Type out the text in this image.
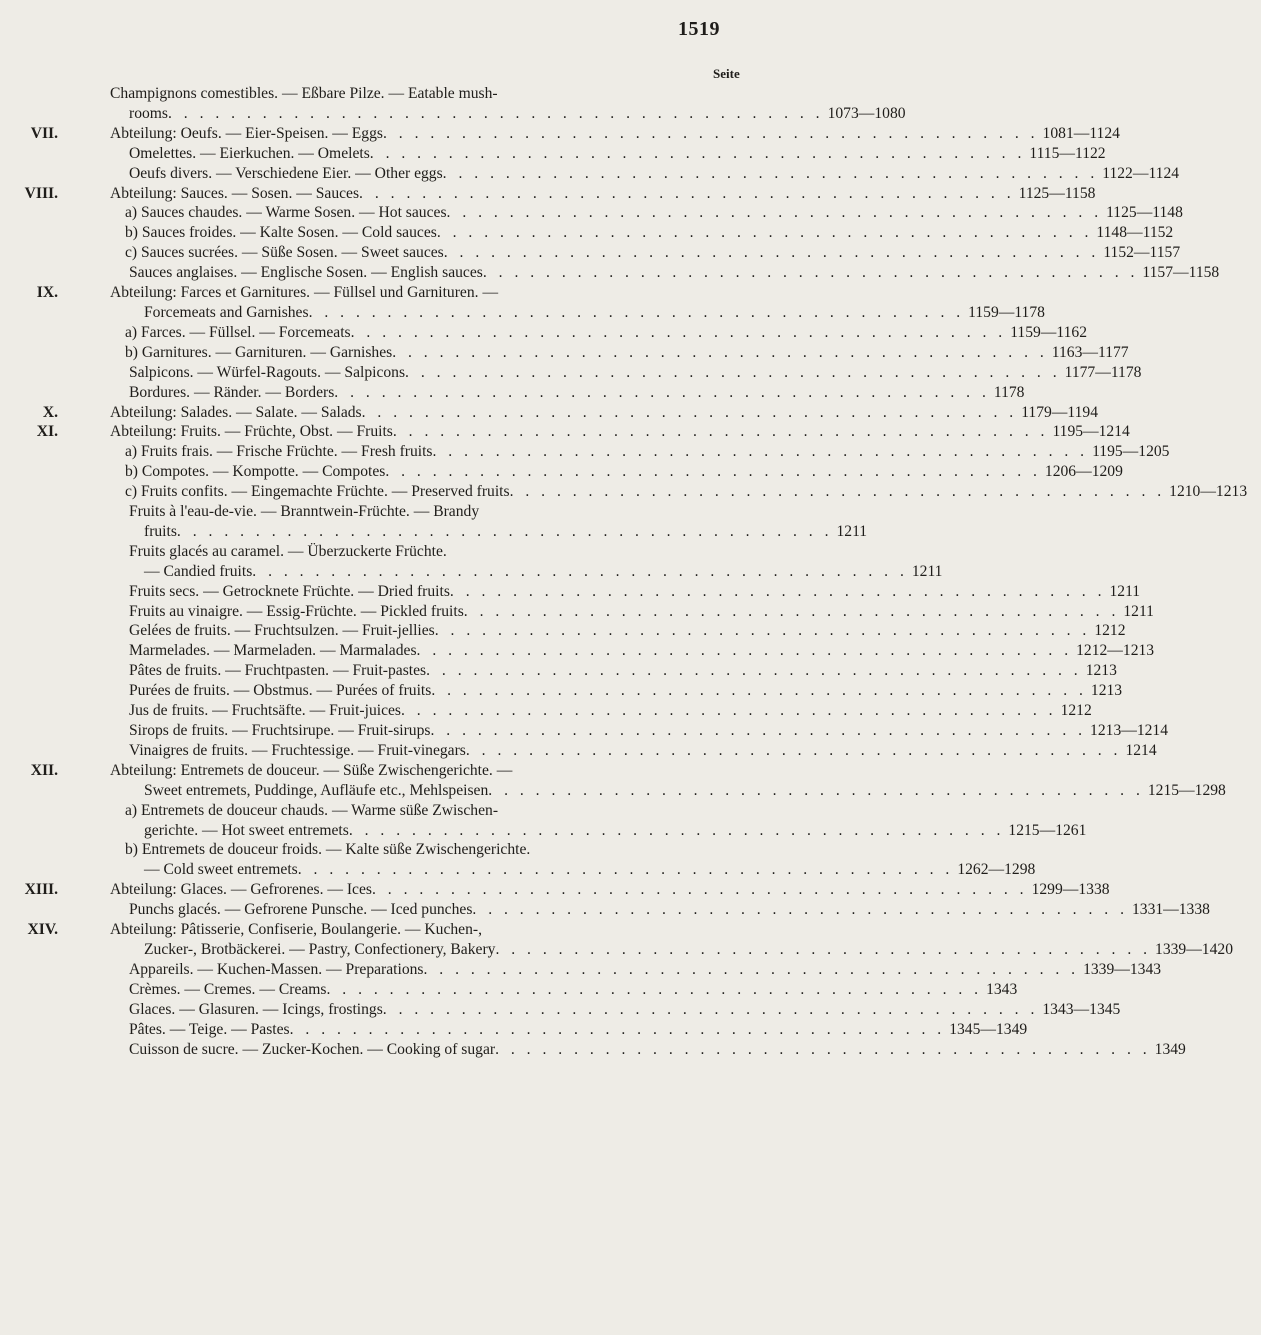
1519
Seite
Champignons comestibles. — Eßbare Pilze. — Eatable mush-
rooms . . . . . . . . . . . . . . . . . . . . . . . . . . . . . . . . . . . . . . . . . . 1073—1080
VII.	Abteilung: Oeufs. — Eier-Speisen. — Eggs . . . . . . . . . . . . . . . . . . . . . . . . . . . . . . . . . . . . . . . . . . 1081—1124
Omelettes. — Eierkuchen. — Omelets . . . . . . . . . . . . . . . . . . . . . . . . . . . . . . . . . . . . . . . . . . 1115—1122
Oeufs divers. — Verschiedene Eier. — Other eggs . . . . . . . . . . . . . . . . . . . . . . . . . . . . . . . . . . . . . . . . . . 1122—1124
VIII.	Abteilung: Sauces. — Sosen. — Sauces . . . . . . . . . . . . . . . . . . . . . . . . . . . . . . . . . . . . . . . . . . 1125—1158
a) Sauces chaudes. — Warme Sosen. — Hot sauces . . . . . . . . . . . . . . . . . . . . . . . . . . . . . . . . . . . . . . . . . . 1125—1148
b) Sauces froides. — Kalte Sosen. — Cold sauces . . . . . . . . . . . . . . . . . . . . . . . . . . . . . . . . . . . . . . . . . . 1148—1152
c) Sauces sucrées. — Süße Sosen. — Sweet sauces . . . . . . . . . . . . . . . . . . . . . . . . . . . . . . . . . . . . . . . . . . 1152—1157
Sauces anglaises. — Englische Sosen. — English sauces . . . . . . . . . . . . . . . . . . . . . . . . . . . . . . . . . . . . . . . . . . 1157—1158
IX.	Abteilung: Farces et Garnitures. — Füllsel und Garnituren. —
Forcemeats and Garnishes . . . . . . . . . . . . . . . . . . . . . . . . . . . . . . . . . . . . . . . . . . 1159—1178
a) Farces. — Füllsel. — Forcemeats . . . . . . . . . . . . . . . . . . . . . . . . . . . . . . . . . . . . . . . . . . 1159—1162
b) Garnitures. — Garnituren. — Garnishes . . . . . . . . . . . . . . . . . . . . . . . . . . . . . . . . . . . . . . . . . . 1163—1177
Salpicons. — Würfel-Ragouts. — Salpicons . . . . . . . . . . . . . . . . . . . . . . . . . . . . . . . . . . . . . . . . . . 1177—1178
Bordures. — Ränder. — Borders . . . . . . . . . . . . . . . . . . . . . . . . . . . . . . . . . . . . . . . . . . 1178
X.	Abteilung: Salades. — Salate. — Salads . . . . . . . . . . . . . . . . . . . . . . . . . . . . . . . . . . . . . . . . . . 1179—1194
XI.	Abteilung: Fruits. — Früchte, Obst. — Fruits . . . . . . . . . . . . . . . . . . . . . . . . . . . . . . . . . . . . . . . . . . 1195—1214
a) Fruits frais. — Frische Früchte. — Fresh fruits . . . . . . . . . . . . . . . . . . . . . . . . . . . . . . . . . . . . . . . . . . 1195—1205
b) Compotes. — Kompotte. — Compotes . . . . . . . . . . . . . . . . . . . . . . . . . . . . . . . . . . . . . . . . . . 1206—1209
c) Fruits confits. — Eingemachte Früchte. — Preserved fruits . . . . . . . . . . . . . . . . . . . . . . . . . . . . . . . . . . . . . . . . . . 1210—1213
Fruits à l'eau-de-vie. — Branntwein-Früchte. — Brandy
fruits . . . . . . . . . . . . . . . . . . . . . . . . . . . . . . . . . . . . . . . . . . 1211
Fruits glacés au caramel. — Überzuckerte Früchte.
— Candied fruits . . . . . . . . . . . . . . . . . . . . . . . . . . . . . . . . . . . . . . . . . . 1211
Fruits secs. — Getrocknete Früchte. — Dried fruits . . . . . . . . . . . . . . . . . . . . . . . . . . . . . . . . . . . . . . . . . . 1211
Fruits au vinaigre. — Essig-Früchte. — Pickled fruits . . . . . . . . . . . . . . . . . . . . . . . . . . . . . . . . . . . . . . . . . . 1211
Gelées de fruits. — Fruchtsulzen. — Fruit-jellies . . . . . . . . . . . . . . . . . . . . . . . . . . . . . . . . . . . . . . . . . . 1212
Marmelades. — Marmeladen. — Marmalades . . . . . . . . . . . . . . . . . . . . . . . . . . . . . . . . . . . . . . . . . . 1212—1213
Pâtes de fruits. — Fruchtpasten. — Fruit-pastes . . . . . . . . . . . . . . . . . . . . . . . . . . . . . . . . . . . . . . . . . . 1213
Purées de fruits. — Obstmus. — Purées of fruits . . . . . . . . . . . . . . . . . . . . . . . . . . . . . . . . . . . . . . . . . . 1213
Jus de fruits. — Fruchtsäfte. — Fruit-juices . . . . . . . . . . . . . . . . . . . . . . . . . . . . . . . . . . . . . . . . . . 1212
Sirops de fruits. — Fruchtsirupe. — Fruit-sirups . . . . . . . . . . . . . . . . . . . . . . . . . . . . . . . . . . . . . . . . . . 1213—1214
Vinaigres de fruits. — Fruchtessige. — Fruit-vinegars . . . . . . . . . . . . . . . . . . . . . . . . . . . . . . . . . . . . . . . . . . 1214
XII.	Abteilung: Entremets de douceur. — Süße Zwischengerichte. —
Sweet entremets, Puddinge, Aufläufe etc., Mehlspeisen . . . . . . . . . . . . . . . . . . . . . . . . . . . . . . . . . . . . . . . . . . 1215—1298
a) Entremets de douceur chauds. — Warme süße Zwischen-
gerichte. — Hot sweet entremets . . . . . . . . . . . . . . . . . . . . . . . . . . . . . . . . . . . . . . . . . . 1215—1261
b) Entremets de douceur froids. — Kalte süße Zwischengerichte.
— Cold sweet entremets . . . . . . . . . . . . . . . . . . . . . . . . . . . . . . . . . . . . . . . . . . 1262—1298
XIII.	Abteilung: Glaces. — Gefrorenes. — Ices . . . . . . . . . . . . . . . . . . . . . . . . . . . . . . . . . . . . . . . . . . 1299—1338
Punchs glacés. — Gefrorene Punsche. — Iced punches . . . . . . . . . . . . . . . . . . . . . . . . . . . . . . . . . . . . . . . . . . 1331—1338
XIV.	Abteilung: Pâtisserie, Confiserie, Boulangerie. — Kuchen-,
Zucker-, Brotbäckerei. — Pastry, Confectionery, Bakery . . . . . . . . . . . . . . . . . . . . . . . . . . . . . . . . . . . . . . . . . . 1339—1420
Appareils. — Kuchen-Massen. — Preparations . . . . . . . . . . . . . . . . . . . . . . . . . . . . . . . . . . . . . . . . . . 1339—1343
Crèmes. — Cremes. — Creams . . . . . . . . . . . . . . . . . . . . . . . . . . . . . . . . . . . . . . . . . . 1343
Glaces. — Glasuren. — Icings, frostings . . . . . . . . . . . . . . . . . . . . . . . . . . . . . . . . . . . . . . . . . . 1343—1345
Pâtes. — Teige. — Pastes . . . . . . . . . . . . . . . . . . . . . . . . . . . . . . . . . . . . . . . . . . 1345—1349
Cuisson de sucre. — Zucker-Kochen. — Cooking of sugar . . . . . . . . . . . . . . . . . . . . . . . . . . . . . . . . . . . . . . . . . . 1349
